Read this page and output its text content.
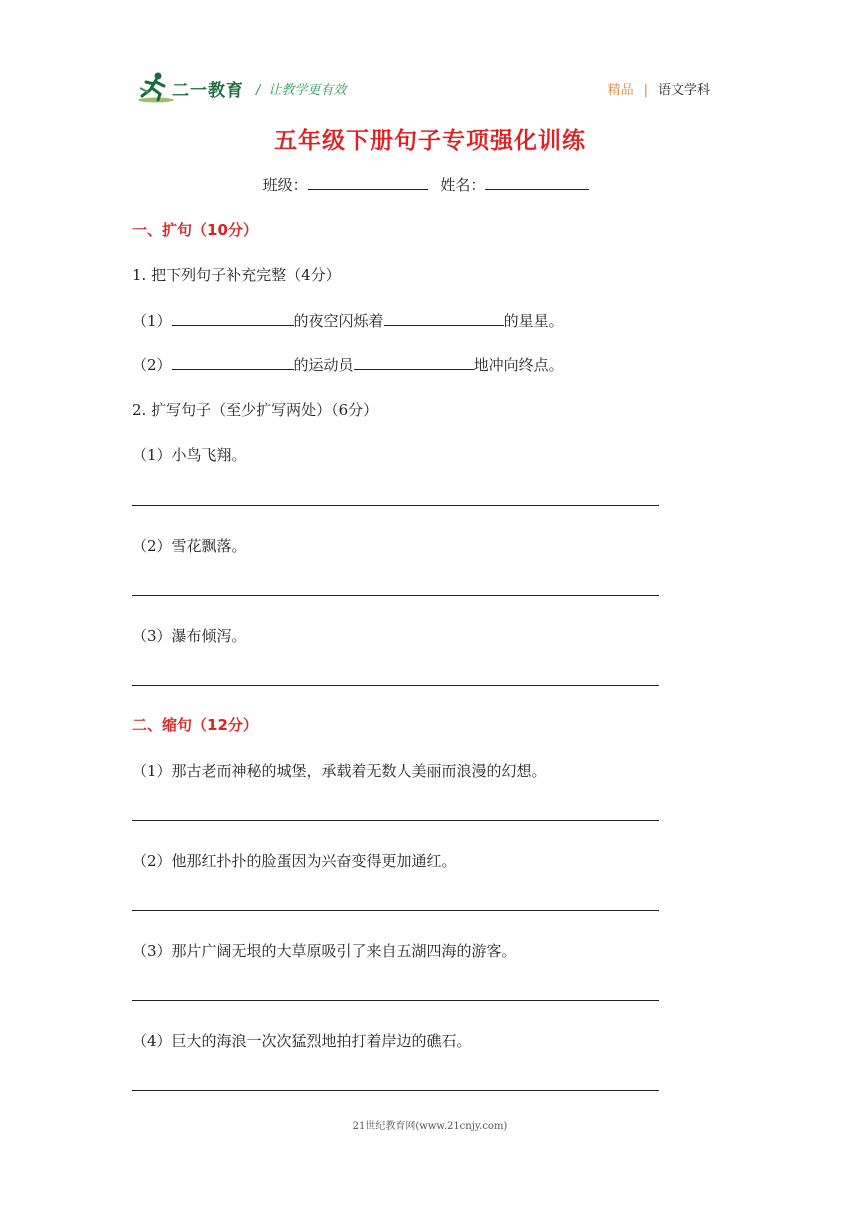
二一教育 / 让教学更有效	精品 | 语文学科
五年级下册句子专项强化训练
班级：	姓名：
一、扩句（10分）
1. 把下列句子补充完整（4分）
（1）	的夜空闪烁着	的星星。
（2）	的运动员	地冲向终点。
2. 扩写句子（至少扩写两处）（6分）
（1）小鸟飞翔。
（2）雪花飘落。
（3）瀑布倾泻。
二、缩句（12分）
（1）那古老而神秘的城堡，承载着无数人美丽而浪漫的幻想。
（2）他那红扑扑的脸蛋因为兴奋变得更加通红。
（3）那片广阔无垠的大草原吸引了来自五湖四海的游客。
（4）巨大的海浪一次次猛烈地拍打着岸边的礁石。
21世纪教育网(www.21cnjy.com)
